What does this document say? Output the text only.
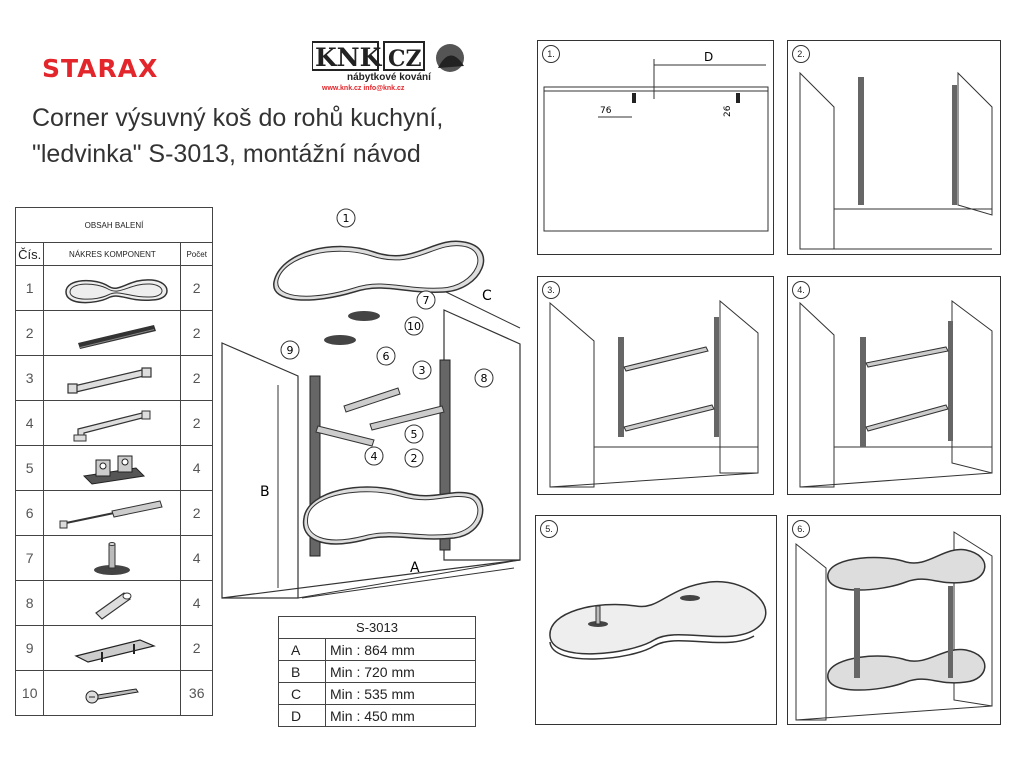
STARAX	KNK CZ
nábytkové kování
www.knk.cz info@knk.cz
Corner výsuvný koš do rohů kuchyní,
"ledvinka" S-3013, montážní návod
OBSAH BALENÍ		
Čís.	NÁKRES KOMPONENT	Počet
1		2
2		2
3		2
4		2
5		4
6		2
7		4
8		4
9		2
10		36
B
A
C
1
7
10
9	6
3
8
5
4	2
S-3013	
A	Min : 864 mm
B	Min : 720 mm
C	Min : 535 mm
D	Min : 450 mm
1.	D
76	26
2.
3.	4.
5.	6.
